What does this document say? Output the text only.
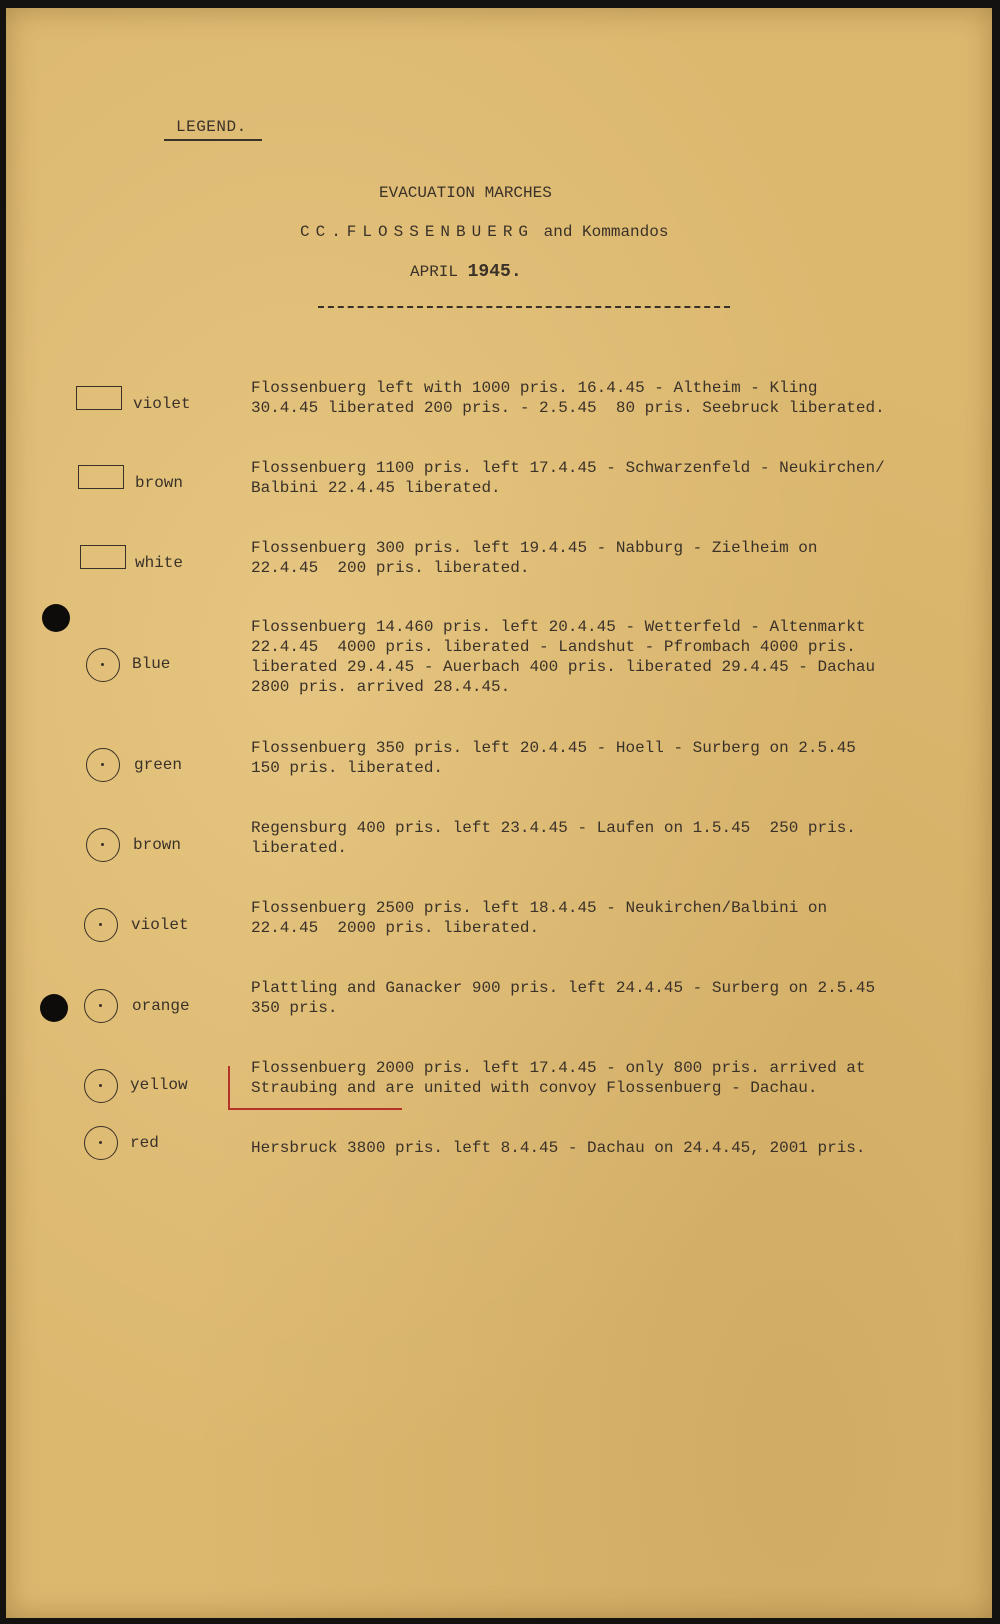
LEGEND.
EVACUATION MARCHES
CC.FLOSSENBUERG and Kommandos
APRIL 1945.
violet
Flossenbuerg left with 1000 pris. 16.4.45 - Altheim - Kling
30.4.45 liberated 200 pris. - 2.5.45  80 pris. Seebruck liberated.
brown
Flossenbuerg 1100 pris. left 17.4.45 - Schwarzenfeld - Neukirchen/
Balbini 22.4.45 liberated.
white
Flossenbuerg 300 pris. left 19.4.45 - Nabburg - Zielheim on
22.4.45  200 pris. liberated.
Blue
Flossenbuerg 14.460 pris. left 20.4.45 - Wetterfeld - Altenmarkt
22.4.45  4000 pris. liberated - Landshut - Pfrombach 4000 pris.
liberated 29.4.45 - Auerbach 400 pris. liberated 29.4.45 - Dachau
2800 pris. arrived 28.4.45.
green
Flossenbuerg 350 pris. left 20.4.45 - Hoell - Surberg on 2.5.45
150 pris. liberated.
brown
Regensburg 400 pris. left 23.4.45 - Laufen on 1.5.45  250 pris.
liberated.
violet
Flossenbuerg 2500 pris. left 18.4.45 - Neukirchen/Balbini on
22.4.45  2000 pris. liberated.
orange
Plattling and Ganacker 900 pris. left 24.4.45 - Surberg on 2.5.45
350 pris.
yellow
Flossenbuerg 2000 pris. left 17.4.45 - only 800 pris. arrived at
Straubing and are united with convoy Flossenbuerg - Dachau.
red	Hersbruck 3800 pris. left 8.4.45 - Dachau on 24.4.45, 2001 pris.
